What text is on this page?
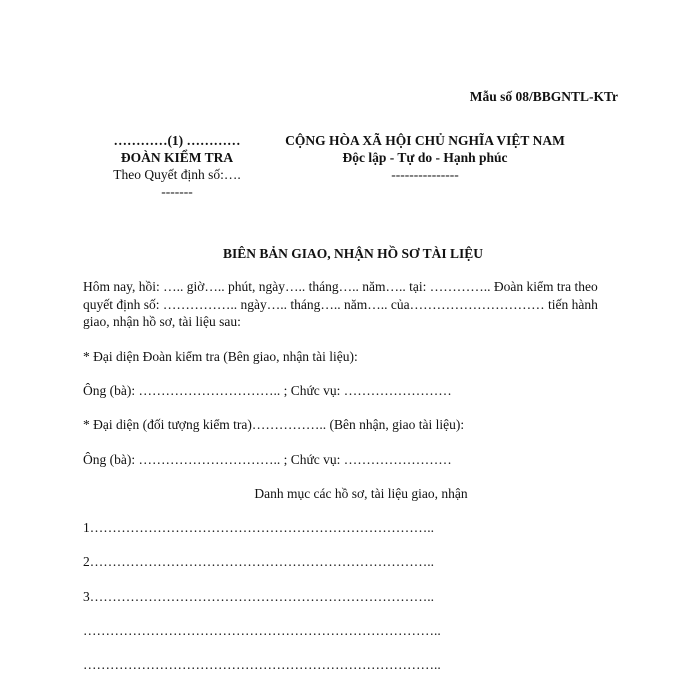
Mẫu số 08/BBGNTL-KTr
…………(1) …………
ĐOÀN KIỂM TRA
Theo Quyết định số:….
-------
CỘNG HÒA XÃ HỘI CHỦ NGHĨA VIỆT NAM
Độc lập - Tự do - Hạnh phúc
---------------
BIÊN BẢN GIAO, NHẬN HỒ SƠ TÀI LIỆU

Hôm nay, hồi: ….. giờ….. phút, ngày….. tháng….. năm….. tại: ………….. Đoàn kiểm tra theo quyết định số: …………….. ngày….. tháng….. năm….. của………………………… tiến hành giao, nhận hồ sơ, tài liệu sau:

* Đại diện Đoàn kiểm tra (Bên giao, nhận tài liệu):
Ông (bà): ………………………….. ; Chức vụ: ……………………
* Đại diện (đối tượng kiểm tra)…………….. (Bên nhận, giao tài liệu):
Ông (bà): ………………………….. ; Chức vụ: ……………………
Danh mục các hồ sơ, tài liệu giao, nhận
1…………………………………………………………………..
2…………………………………………………………………..
3…………………………………………………………………..
……………………………………………………………………..
……………………………………………………………………..
